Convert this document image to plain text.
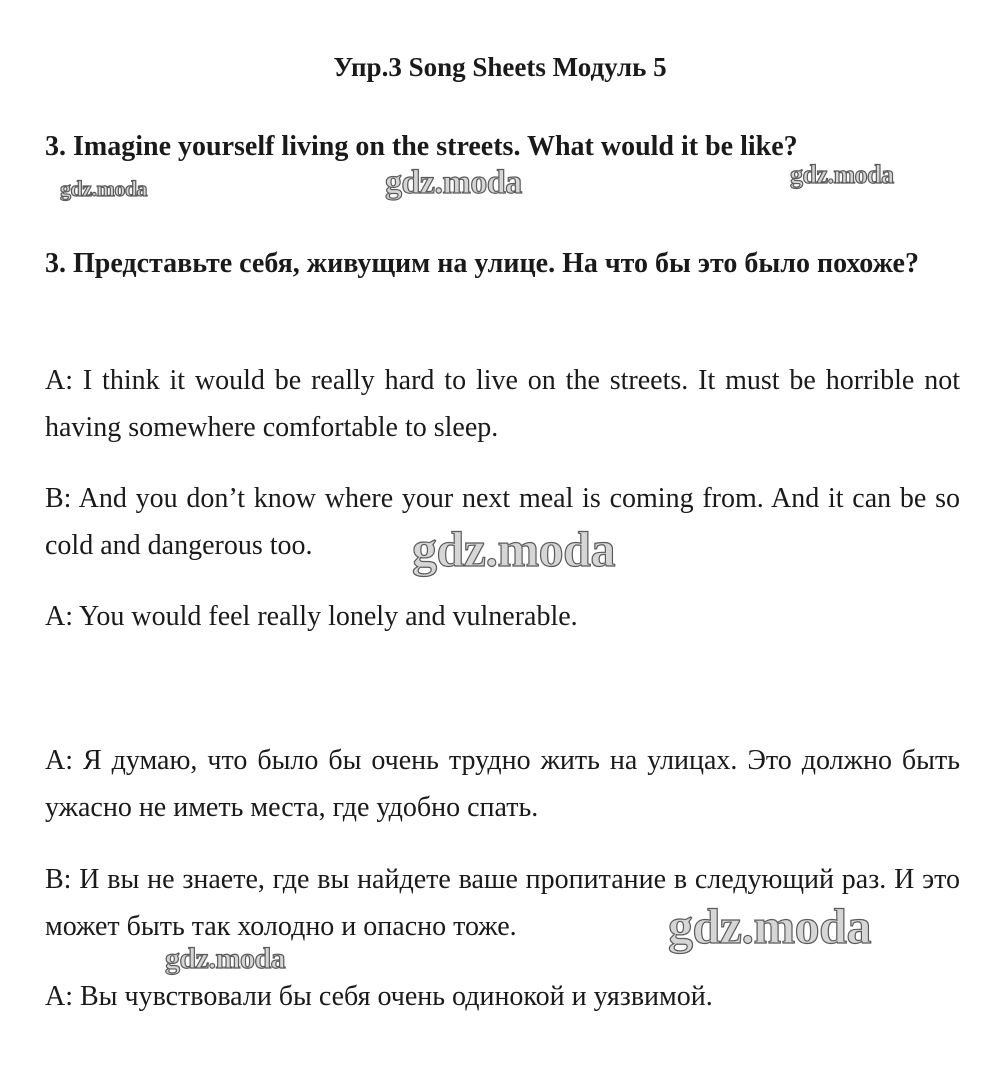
Упр.3 Song Sheets Модуль 5

3. Imagine yourself living on the streets. What would it be like?

3. Представьте себя, живущим на улице. На что бы это было похоже?

A: I think it would be really hard to live on the streets. It must be horrible not having somewhere comfortable to sleep.

B: And you don’t know where your next meal is coming from. And it can be so cold and dangerous too.

A: You would feel really lonely and vulnerable.

А: Я думаю, что было бы очень трудно жить на улицах. Это должно быть ужасно не иметь места, где удобно спать.

В: И вы не знаете, где вы найдете ваше пропитание в следующий раз. И это может быть так холодно и опасно тоже.

А: Вы чувствовали бы себя очень одинокой и уязвимой.

gdz.moda	gdz.moda	gdz.moda
gdz.moda
gdz.moda
gdz.moda
